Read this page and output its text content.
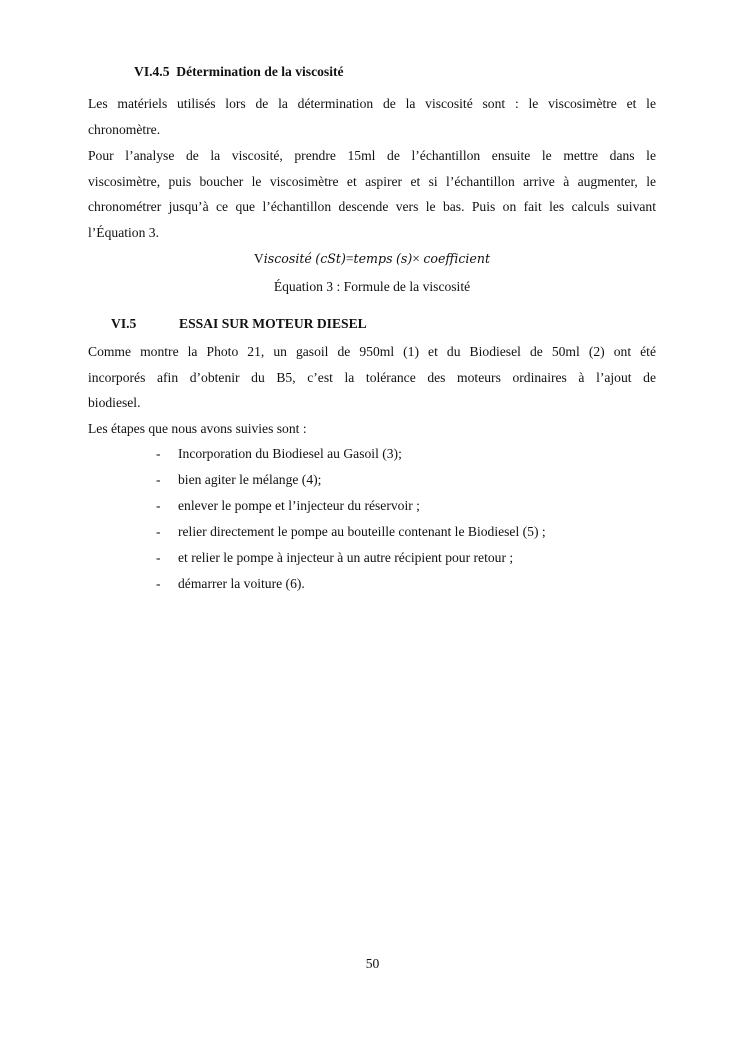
VI.4.5 Détermination de la viscosité
Les matériels utilisés lors de la détermination de la viscosité sont : le viscosimètre et le
chronomètre.
Pour l’analyse de la viscosité, prendre 15ml de l’échantillon ensuite le mettre dans le
viscosimètre, puis boucher le viscosimètre et aspirer et si l’échantillon arrive à augmenter, le
chronométrer jusqu’à ce que l’échantillon descende vers le bas. Puis on fait les calculs suivant
l’Équation 3.
Viscosité (cSt)=temps (s)× coefficient
Équation 3 : Formule de la viscosité
VI.5	ESSAI SUR MOTEUR DIESEL
Comme montre la Photo 21, un gasoil de 950ml (1) et du Biodiesel de 50ml (2) ont été
incorporés afin d’obtenir du B5, c’est la tolérance des moteurs ordinaires à l’ajout de
biodiesel.
Les étapes que nous avons suivies sont :
- Incorporation du Biodiesel au Gasoil (3);
- bien agiter le mélange (4);
- enlever le pompe et l’injecteur du réservoir ;
- relier directement le pompe au bouteille contenant le Biodiesel (5) ;
- et relier le pompe à injecteur à un autre récipient pour retour ;
- démarrer la voiture (6).
50
